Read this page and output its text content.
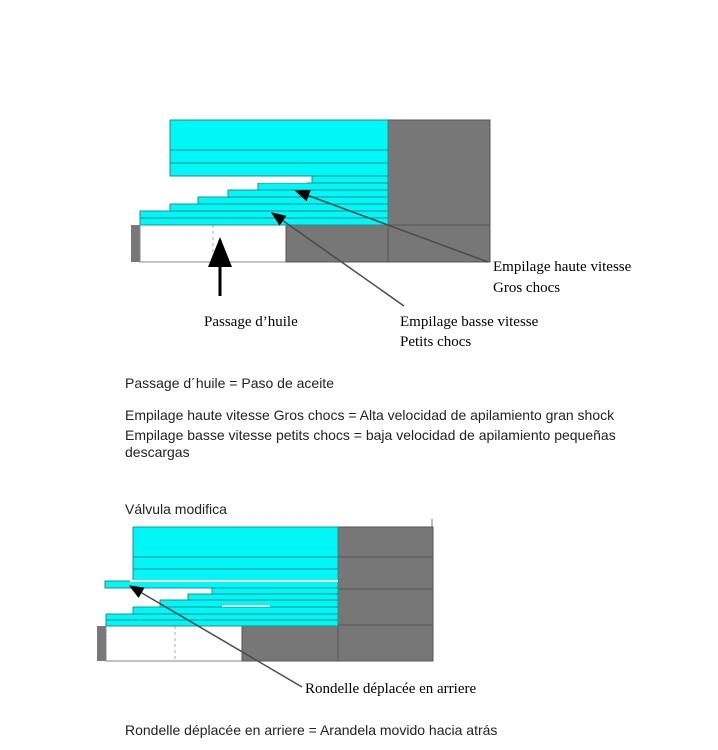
Empilage haute vitesse
Gros chocs
Passage d’huile	Empilage basse vitesse
Petits chocs
Rondelle déplacée en arriere
Passage d´huile = Paso de aceite
Empilage haute vitesse Gros chocs = Alta velocidad de apilamiento gran shock
Empilage basse vitesse petits chocs = baja velocidad de apilamiento pequeñas
descargas
Válvula modifica
Rondelle déplacée en arriere = Arandela movido hacia atrás
